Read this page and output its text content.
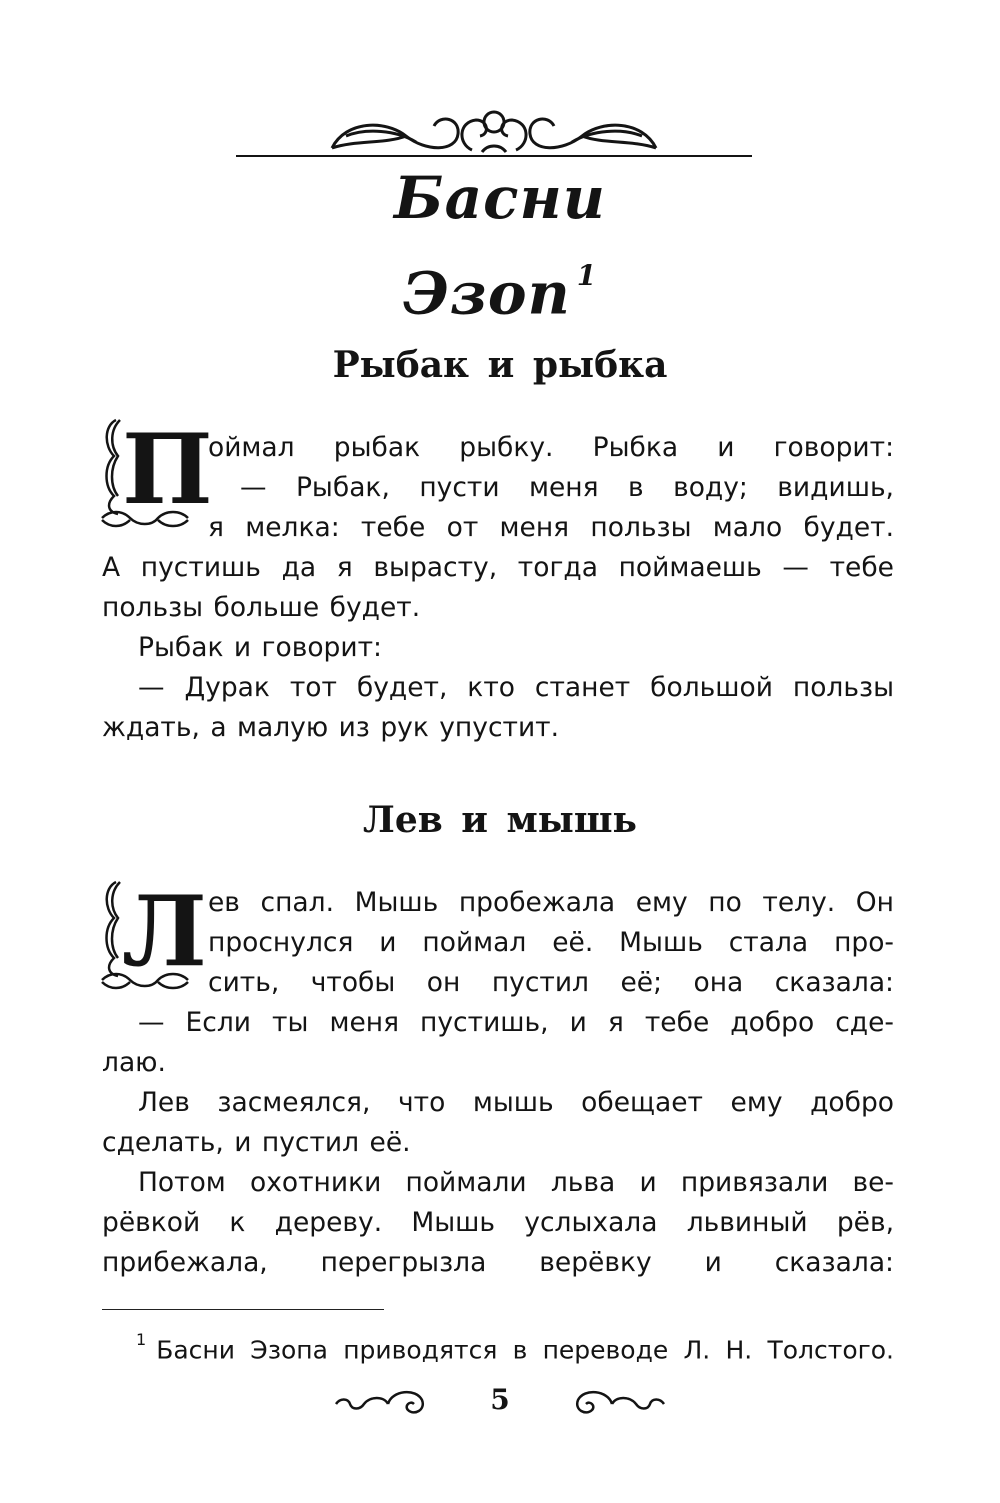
Басни
Эзоп $^1$
Рыбак и рыбка
П
оймал рыбак рыбку. Рыбка и говорит:
— Рыбак, пусти меня в воду; видишь,
я мелка: тебе от меня пользы мало будет.
А пустишь да я вырасту, тогда поймаешь — тебе
пользы больше будет.
Рыбак и говорит:
— Дурак тот будет, кто станет большой пользы
ждать, а малую из рук упустит.
Лев и мышь
Л ев спал. Мышь пробежала ему по телу. Он
проснулся и поймал её. Мышь стала про-
сить, чтобы он пустил её; она сказала:
— Если ты меня пустишь, и я тебе добро сде-
лаю.
Лев засмеялся, что мышь обещает ему добро
сделать, и пустил её.
Потом охотники поймали льва и привязали ве-
рёвкой к дереву. Мышь услыхала львиный рёв,
прибежала, перегрызла верёвку и сказала:
$^1$ Басни Эзопа приводятся в переводе Л. Н. Толстого.
5
